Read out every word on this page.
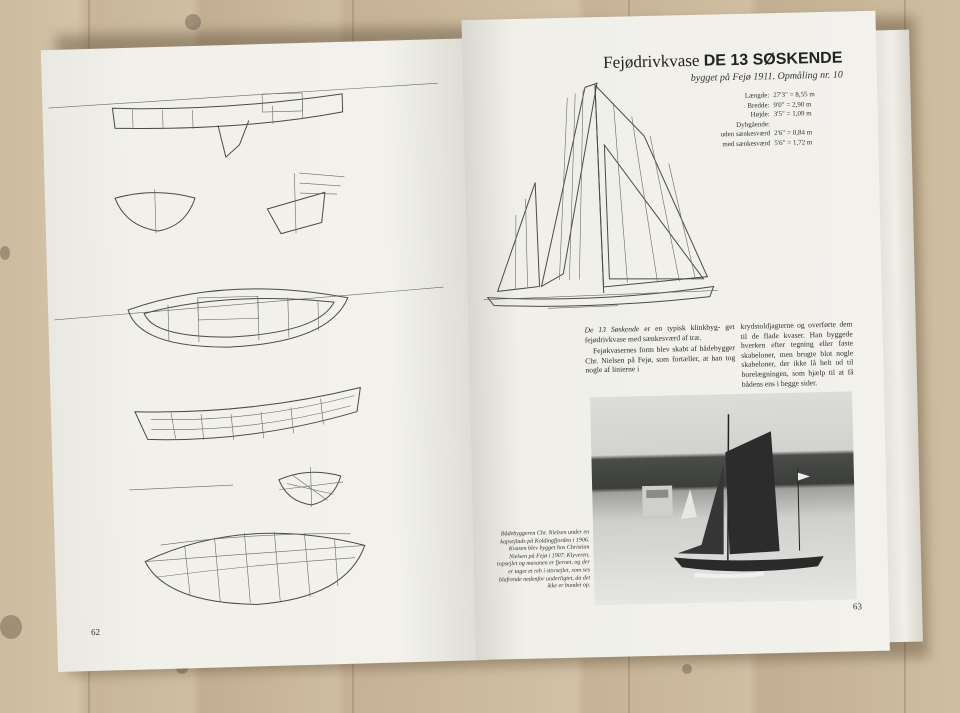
62
Fejødrivkvase DE 13 SØSKENDE
bygget på Fejø 1911. Opmåling nr. 10
Længde: 27'3" = 8,55 m
Bredde: 9'0" = 2,90 m
Højde: 3'5" = 1,09 m
Dybgående:
uden sænkesværd 2'6" = 0,84 m
med sænkesværd 5'6" = 1,72 m

De 13 Søskende er en typisk klinkbyg- get fejødrivkvase med sænkesværd af træ.

Fejøkvasernes form blev skabt af bådebygger Chr. Nielsen på Fejø, som fortæller, at han tog nogle af linierne i

krydstoldjagterne og overførte dem til de flade kvaser. Han byggede hverken efter tegning eller faste skabeloner, men brugte blot nogle skabeloner, der ikke lå helt ud til borelægningen, som hjælp til at få bådens ens i begge sider.

Bådebyggeren Chr. Nielsen under en kapsejlads på Koldingfjorden i 1906. Kvasen blev bygget hos Christian Nielsen på Fejø i 1907. Klyveren, topsejlet og masanen er fjernet, og der er taget et reb i storsejlet, som ses blafrende nedenfor underligtet, da det ikke er bundet op.
63
